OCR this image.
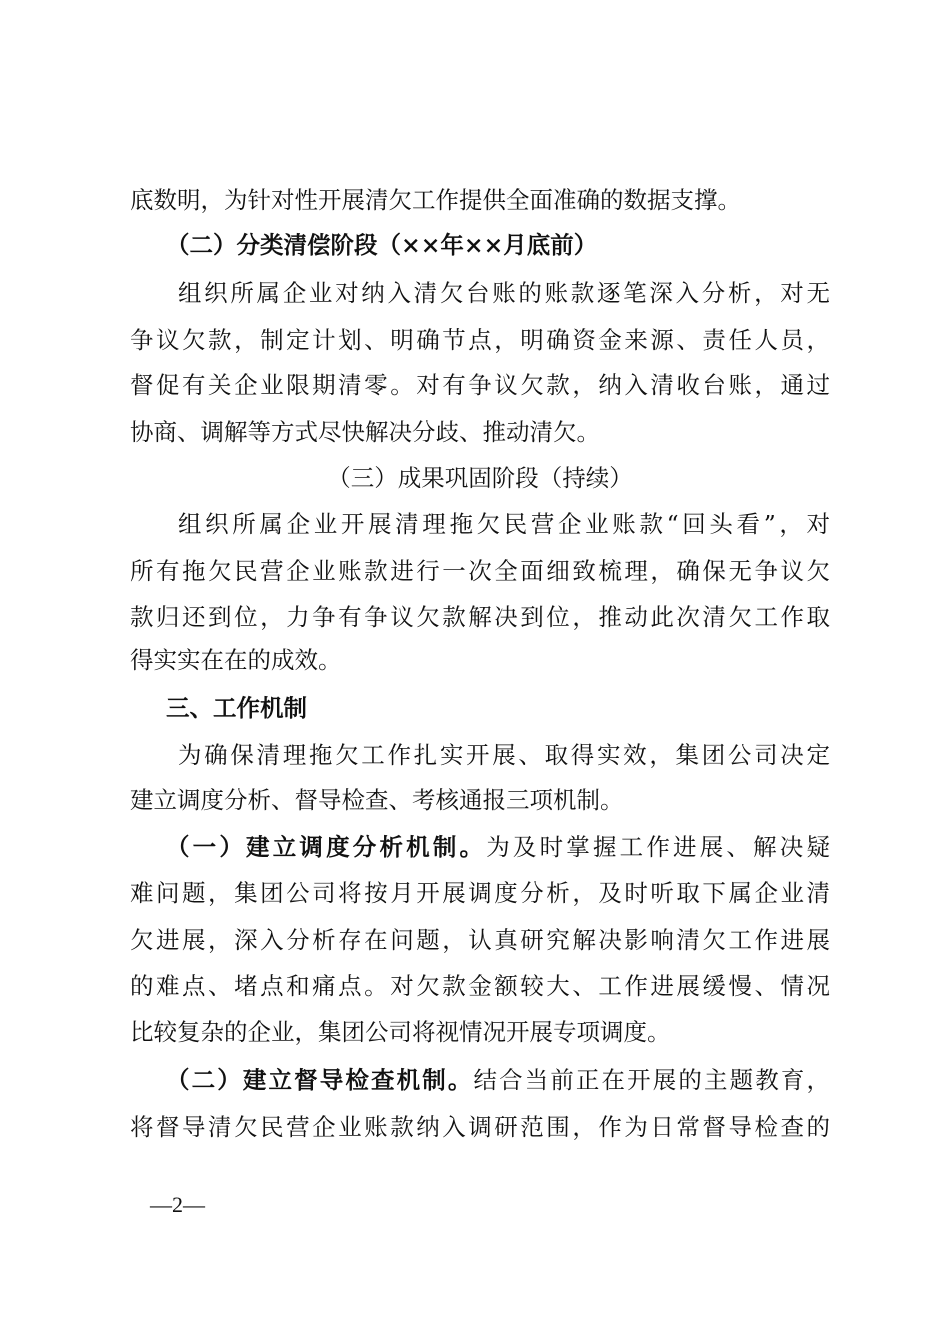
底数明，为针对性开展清欠工作提供全面准确的数据支撑。
（二）分类清偿阶段（××年××月底前）
组织所属企业对纳入清欠台账的账款逐笔深入分析，对无
争议欠款，制定计划、明确节点，明确资金来源、责任人员，
督促有关企业限期清零。对有争议欠款，纳入清收台账，通过
协商、调解等方式尽快解决分歧、推动清欠。
（三）成果巩固阶段（持续）
组织所属企业开展清理拖欠民营企业账款“回头看”，对
所有拖欠民营企业账款进行一次全面细致梳理，确保无争议欠
款归还到位，力争有争议欠款解决到位，推动此次清欠工作取
得实实在在的成效。
三、工作机制
为确保清理拖欠工作扎实开展、取得实效，集团公司决定
建立调度分析、督导检查、考核通报三项机制。
（一）建立调度分析机制。为及时掌握工作进展、解决疑
难问题，集团公司将按月开展调度分析，及时听取下属企业清
欠进展，深入分析存在问题，认真研究解决影响清欠工作进展
的难点、堵点和痛点。对欠款金额较大、工作进展缓慢、情况
比较复杂的企业，集团公司将视情况开展专项调度。
（二）建立督导检查机制。结合当前正在开展的主题教育，
将督导清欠民营企业账款纳入调研范围，作为日常督导检查的
—2—
